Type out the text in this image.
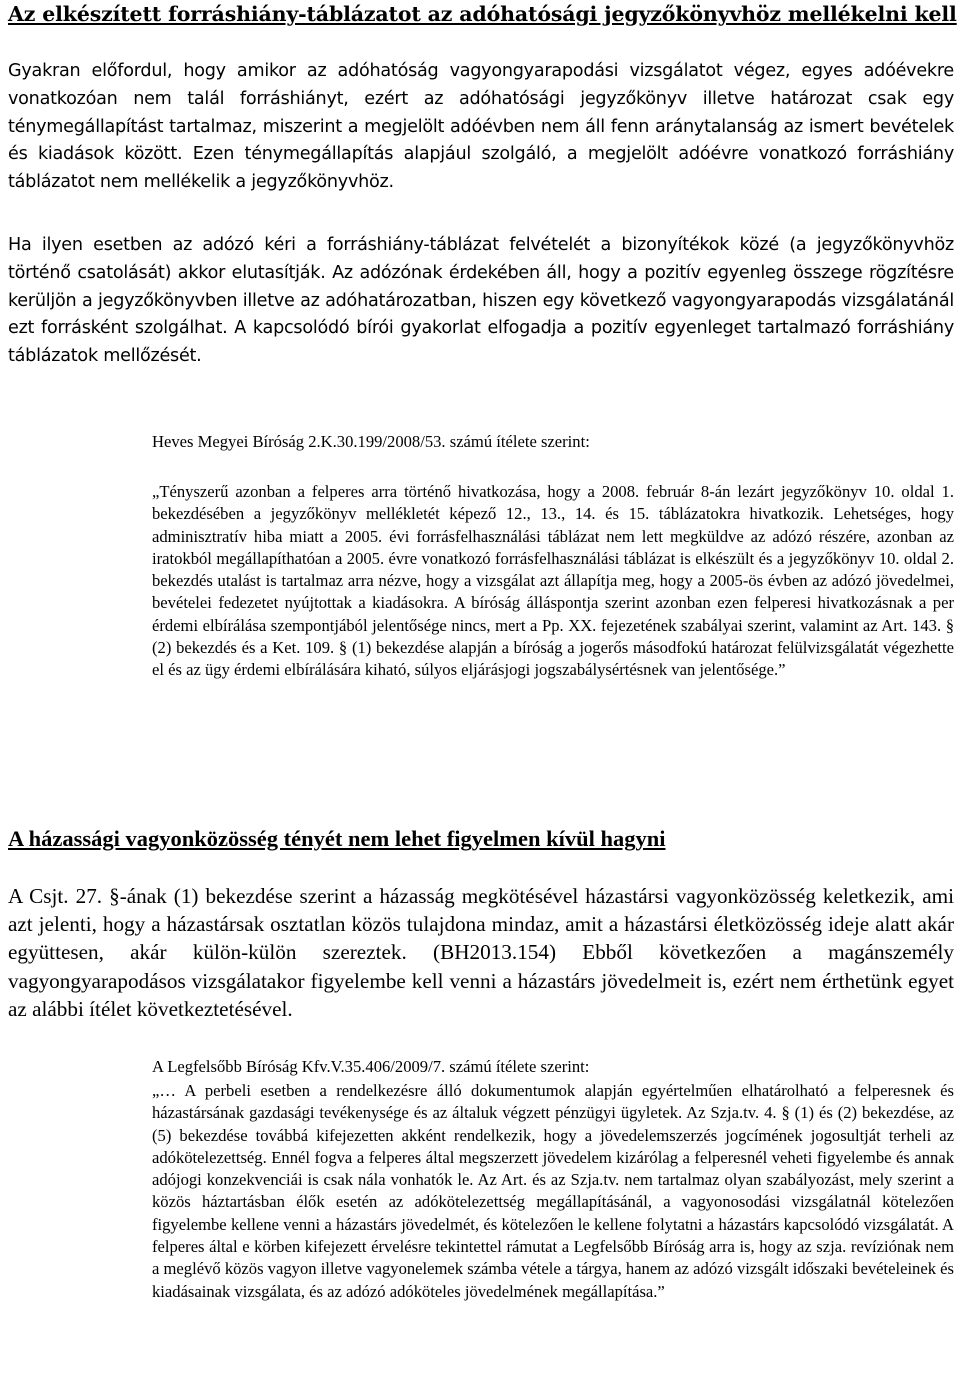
Az elkészített forráshiány-táblázatot az adóhatósági jegyzőkönyvhöz mellékelni kell

Gyakran előfordul, hogy amikor az adóhatóság vagyongyarapodási vizsgálatot végez, egyes adóévekre vonatkozóan nem talál forráshiányt, ezért az adóhatósági jegyzőkönyv illetve határozat csak egy ténymegállapítást tartalmaz, miszerint a megjelölt adóévben nem áll fenn aránytalanság az ismert bevételek és kiadások között. Ezen ténymegállapítás alapjául szolgáló, a megjelölt adóévre vonatkozó forráshiány táblázatot nem mellékelik a jegyzőkönyvhöz.

Ha ilyen esetben az adózó kéri a forráshiány-táblázat felvételét a bizonyítékok közé (a jegyzőkönyvhöz történő csatolását) akkor elutasítják. Az adózónak érdekében áll, hogy a pozitív egyenleg összege rögzítésre kerüljön a jegyzőkönyvben illetve az adóhatározatban, hiszen egy következő vagyongyarapodás vizsgálatánál ezt forrásként szolgálhat. A kapcsolódó bírói gyakorlat elfogadja a pozitív egyenleget tartalmazó forráshiány táblázatok mellőzését.

Heves Megyei Bíróság 2.K.30.199/2008/53. számú ítélete szerint:

„Tényszerű azonban a felperes arra történő hivatkozása, hogy a 2008. február 8-án lezárt jegyzőkönyv 10. oldal 1. bekezdésében a jegyzőkönyv mellékletét képező 12., 13., 14. és 15. táblázatokra hivatkozik. Lehetséges, hogy adminisztratív hiba miatt a 2005. évi forrásfelhasználási táblázat nem lett megküldve az adózó részére, azonban az iratokból megállapíthatóan a 2005. évre vonatkozó forrásfelhasználási táblázat is elkészült és a jegyzőkönyv 10. oldal 2. bekezdés utalást is tartalmaz arra nézve, hogy a vizsgálat azt állapítja meg, hogy a 2005-ös évben az adózó jövedelmei, bevételei fedezetet nyújtottak a kiadásokra. A bíróság álláspontja szerint azonban ezen felperesi hivatkozásnak a per érdemi elbírálása szempontjából jelentősége nincs, mert a Pp. XX. fejezetének szabályai szerint, valamint az Art. 143. § (2) bekezdés és a Ket. 109. § (1) bekezdése alapján a bíróság a jogerős másodfokú határozat felülvizsgálatát végezhette el és az ügy érdemi elbírálására kiható, súlyos eljárásjogi jogszabálysértésnek van jelentősége.”

A házassági vagyonközösség tényét nem lehet figyelmen kívül hagyni

A Csjt. 27. §-ának (1) bekezdése szerint a házasság megkötésével házastársi vagyonközösség keletkezik, ami azt jelenti, hogy a házastársak osztatlan közös tulajdona mindaz, amit a házastársi életközösség ideje alatt akár együttesen, akár külön-külön szereztek. (BH2013.154) Ebből következően a magánszemély vagyongyarapodásos vizsgálatakor figyelembe kell venni a házastárs jövedelmeit is, ezért nem érthetünk egyet az alábbi ítélet következtetésével.

A Legfelsőbb Bíróság Kfv.V.35.406/2009/7. számú ítélete szerint:

„… A perbeli esetben a rendelkezésre álló dokumentumok alapján egyértelműen elhatárolható a felperesnek és házastársának gazdasági tevékenysége és az általuk végzett pénzügyi ügyletek. Az Szja.tv. 4. § (1) és (2) bekezdése, az (5) bekezdése továbbá kifejezetten akként rendelkezik, hogy a jövedelemszerzés jogcímének jogosultját terheli az adókötelezettség. Ennél fogva a felperes által megszerzett jövedelem kizárólag a felperesnél veheti figyelembe és annak adójogi konzekvenciái is csak nála vonhatók le. Az Art. és az Szja.tv. nem tartalmaz olyan szabályozást, mely szerint a közös háztartásban élők esetén az adókötelezettség megállapításánál, a vagyonosodási vizsgálatnál kötelezően figyelembe kellene venni a házastárs jövedelmét, és kötelezően le kellene folytatni a házastárs kapcsolódó vizsgálatát. A felperes által e körben kifejezett érvelésre tekintettel rámutat a Legfelsőbb Bíróság arra is, hogy az szja. revíziónak nem a meglévő közös vagyon illetve vagyonelemek számba vétele a tárgya, hanem az adózó vizsgált időszaki bevételeinek és kiadásainak vizsgálata, és az adózó adóköteles jövedelmének megállapítása.”
